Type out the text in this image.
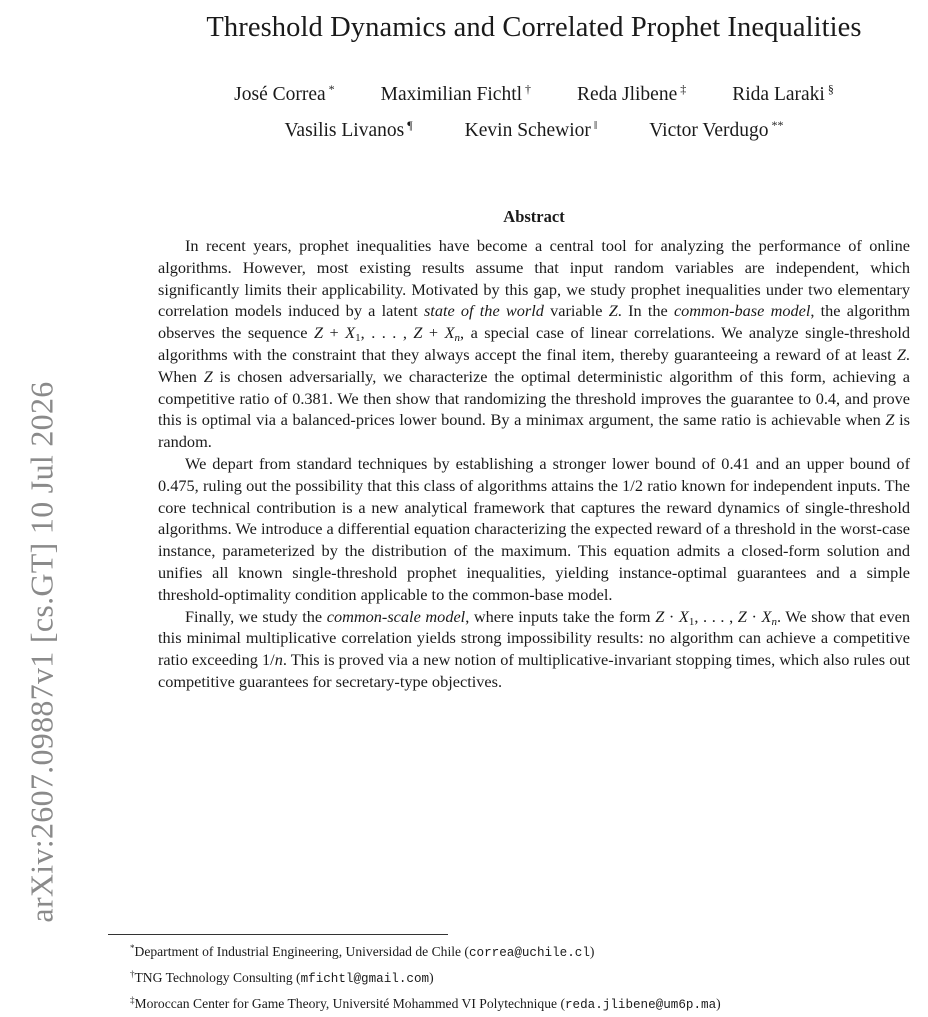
arXiv:2607.09887v1 [cs.GT] 10 Jul 2026
Threshold Dynamics and Correlated Prophet Inequalities
José Correa * Maximilian Fichtl † Reda Jlibene ‡ Rida Laraki §
Vasilis Livanos ¶	Kevin Schewior ‖	Victor Verdugo **
Abstract

In recent years, prophet inequalities have become a central tool for analyzing the performance of online algorithms. However, most existing results assume that input random variables are independent, which significantly limits their applicability. Motivated by this gap, we study prophet inequalities under two elementary correlation models induced by a latent state of the world variable Z. In the common-base model, the algorithm observes the sequence $Z + X_1$, . . . , $Z + X_n$, a special case of linear correlations. We analyze single-threshold algorithms with the constraint that they always accept the final item, thereby guaranteeing a reward of at least Z. When Z is chosen adversarially, we characterize the optimal deterministic algorithm of this form, achieving a competitive ratio of 0.381. We then show that randomizing the threshold improves the guarantee to 0.4, and prove this is optimal via a balanced-prices lower bound. By a minimax argument, the same ratio is achievable when Z is random.

We depart from standard techniques by establishing a stronger lower bound of 0.41 and an upper bound of 0.475, ruling out the possibility that this class of algorithms attains the 1/2 ratio known for independent inputs. The core technical contribution is a new analytical framework that captures the reward dynamics of single-threshold algorithms. We introduce a differential equation characterizing the expected reward of a threshold in the worst-case instance, parameterized by the distribution of the maximum. This equation admits a closed-form solution and unifies all known single-threshold prophet inequalities, yielding instance-optimal guarantees and a simple threshold-optimality condition applicable to the common-base model.

Finally, we study the common-scale model, where inputs take the form $Z \cdot X_1$, . . . , $Z \cdot X_n$. We show that even this minimal multiplicative correlation yields strong impossibility results: no algorithm can achieve a competitive ratio exceeding 1/n. This is proved via a new notion of multiplicative-invariant stopping times, which also rules out competitive guarantees for secretary-type objectives.

*Department of Industrial Engineering, Universidad de Chile (correa@uchile.cl)
†TNG Technology Consulting (mfichtl@gmail.com)
‡Moroccan Center for Game Theory, Université Mohammed VI Polytechnique (reda.jlibene@um6p.ma)
